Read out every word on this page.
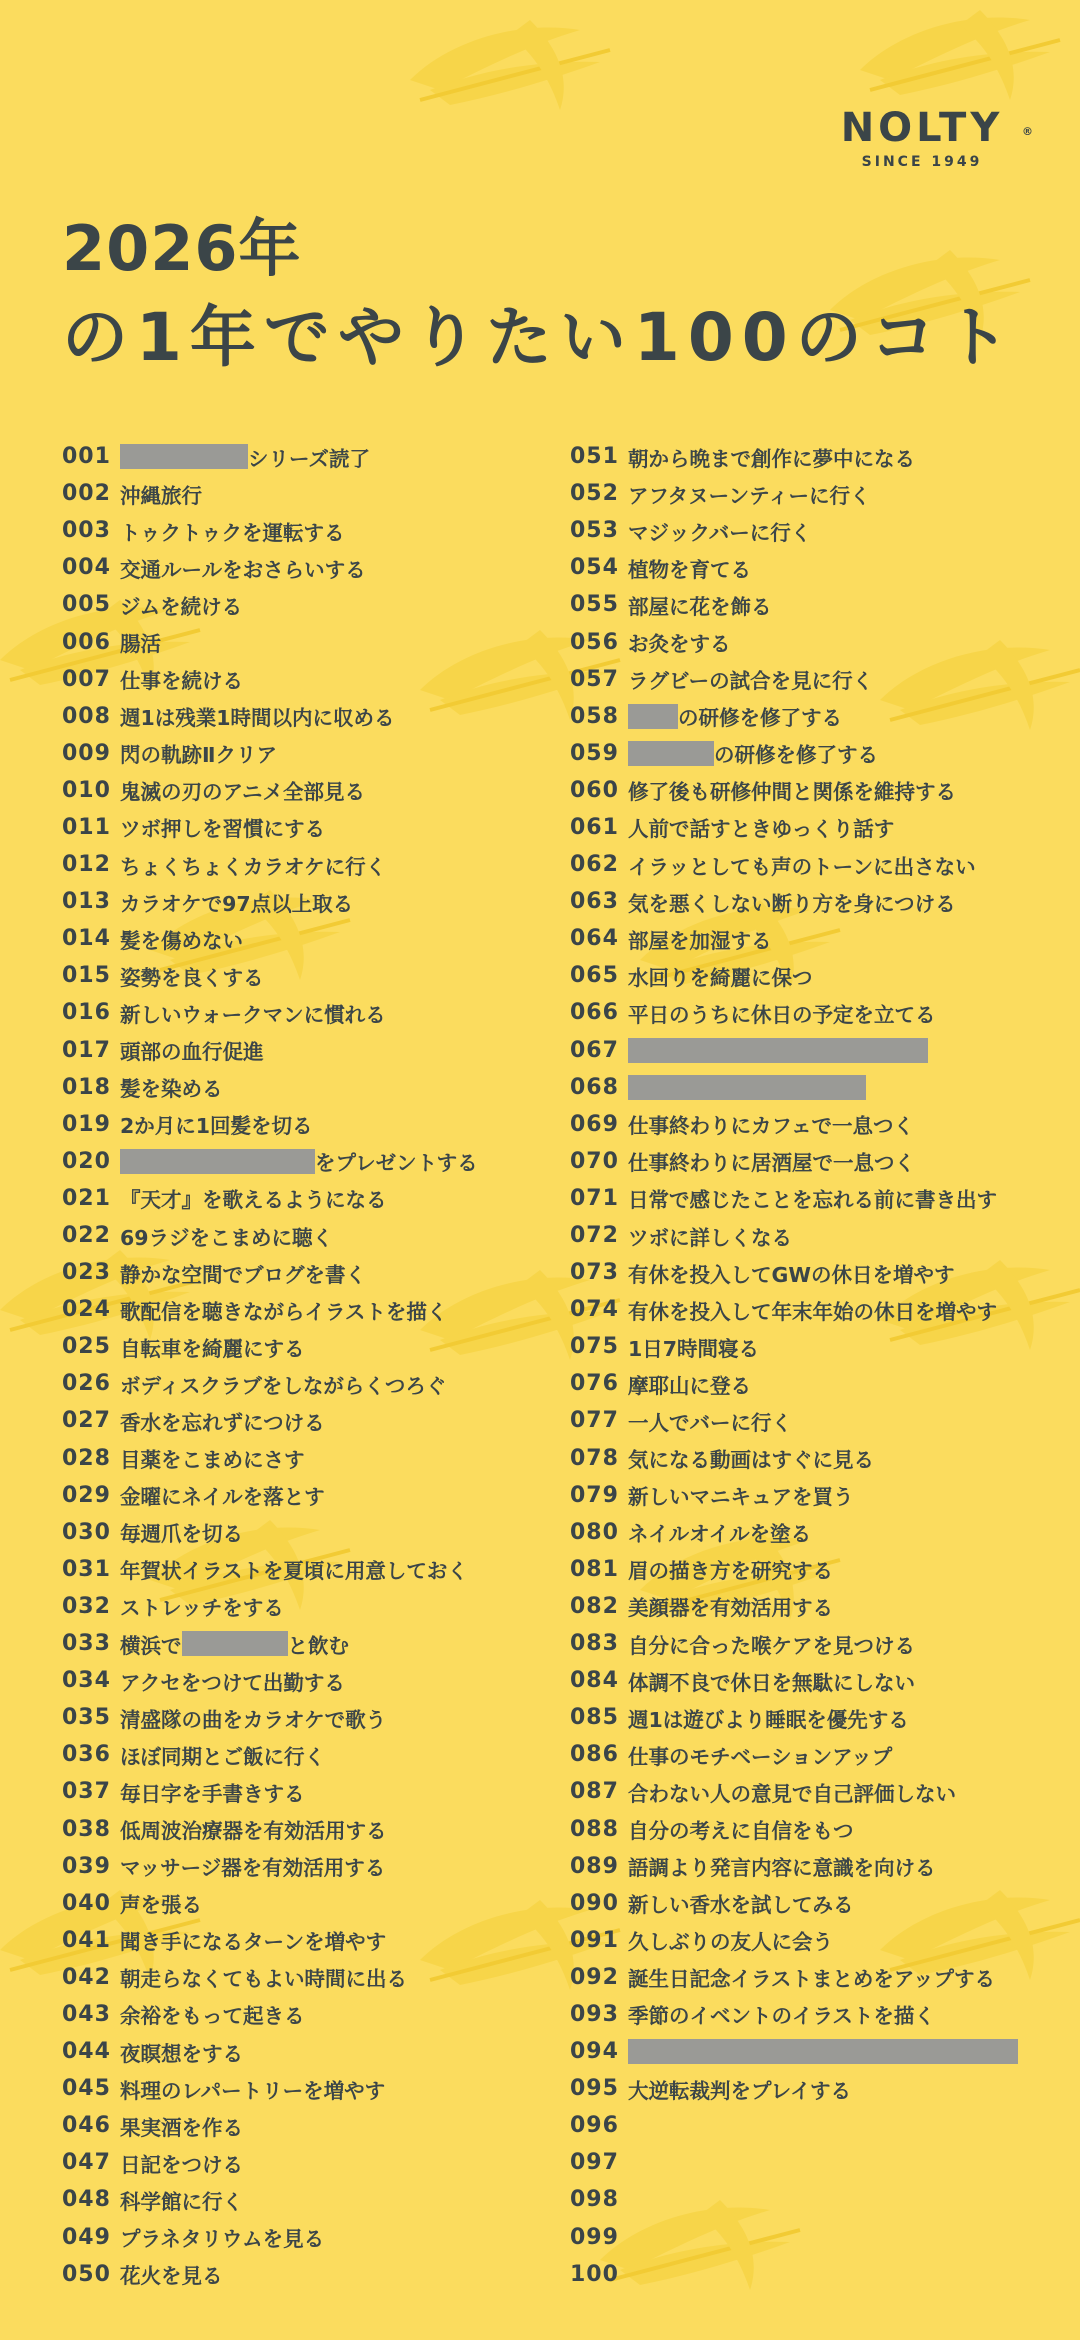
NOLTY ®
SINCE 1949
2026年
の1年でやりたい100のコト
001	シリーズ読了
002 沖縄旅行
003 トゥクトゥクを運転する
004 交通ルールをおさらいする
005 ジムを続ける
006 腸活
007 仕事を続ける
008 週1は残業1時間以内に収める
009 閃の軌跡Ⅱクリア
010 鬼滅の刃のアニメ全部見る
011 ツボ押しを習慣にする
012 ちょくちょくカラオケに行く
013 カラオケで97点以上取る
014 髪を傷めない
015 姿勢を良くする
016 新しいウォークマンに慣れる
017 頭部の血行促進
018 髪を染める
019 2か月に1回髪を切る
020	をプレゼントする
021 『天才』を歌えるようになる
022 69ラジをこまめに聴く
023 静かな空間でブログを書く
024 歌配信を聴きながらイラストを描く
025 自転車を綺麗にする
026 ボディスクラブをしながらくつろぐ
027 香水を忘れずにつける
028 目薬をこまめにさす
029 金曜にネイルを落とす
030 毎週爪を切る
031 年賀状イラストを夏頃に用意しておく
032 ストレッチをする
033 横浜で	と飲む
034 アクセをつけて出勤する
035 清盛隊の曲をカラオケで歌う
036 ほぼ同期とご飯に行く
037 毎日字を手書きする
038 低周波治療器を有効活用する
039 マッサージ器を有効活用する
040 声を張る
041 聞き手になるターンを増やす
042 朝走らなくてもよい時間に出る
043 余裕をもって起きる
044 夜瞑想をする
045 料理のレパートリーを増やす
046 果実酒を作る
047 日記をつける
048 科学館に行く
049 プラネタリウムを見る
050 花火を見る
051 朝から晩まで創作に夢中になる
052 アフタヌーンティーに行く
053 マジックバーに行く
054 植物を育てる
055 部屋に花を飾る
056 お灸をする
057 ラグビーの試合を見に行く
058	の研修を修了する
059	の研修を修了する
060 修了後も研修仲間と関係を維持する
061 人前で話すときゆっくり話す
062 イラッとしても声のトーンに出さない
063 気を悪くしない断り方を身につける
064 部屋を加湿する
065 水回りを綺麗に保つ
066 平日のうちに休日の予定を立てる
067
068
069 仕事終わりにカフェで一息つく
070 仕事終わりに居酒屋で一息つく
071 日常で感じたことを忘れる前に書き出す
072 ツボに詳しくなる
073 有休を投入してGWの休日を増やす
074 有休を投入して年末年始の休日を増やす
075 1日7時間寝る
076 摩耶山に登る
077 一人でバーに行く
078 気になる動画はすぐに見る
079 新しいマニキュアを買う
080 ネイルオイルを塗る
081 眉の描き方を研究する
082 美顔器を有効活用する
083 自分に合った喉ケアを見つける
084 体調不良で休日を無駄にしない
085 週1は遊びより睡眠を優先する
086 仕事のモチベーションアップ
087 合わない人の意見で自己評価しない
088 自分の考えに自信をもつ
089 語調より発言内容に意識を向ける
090 新しい香水を試してみる
091 久しぶりの友人に会う
092 誕生日記念イラストまとめをアップする
093 季節のイベントのイラストを描く
094
095 大逆転裁判をプレイする
096
097
098
099
100
